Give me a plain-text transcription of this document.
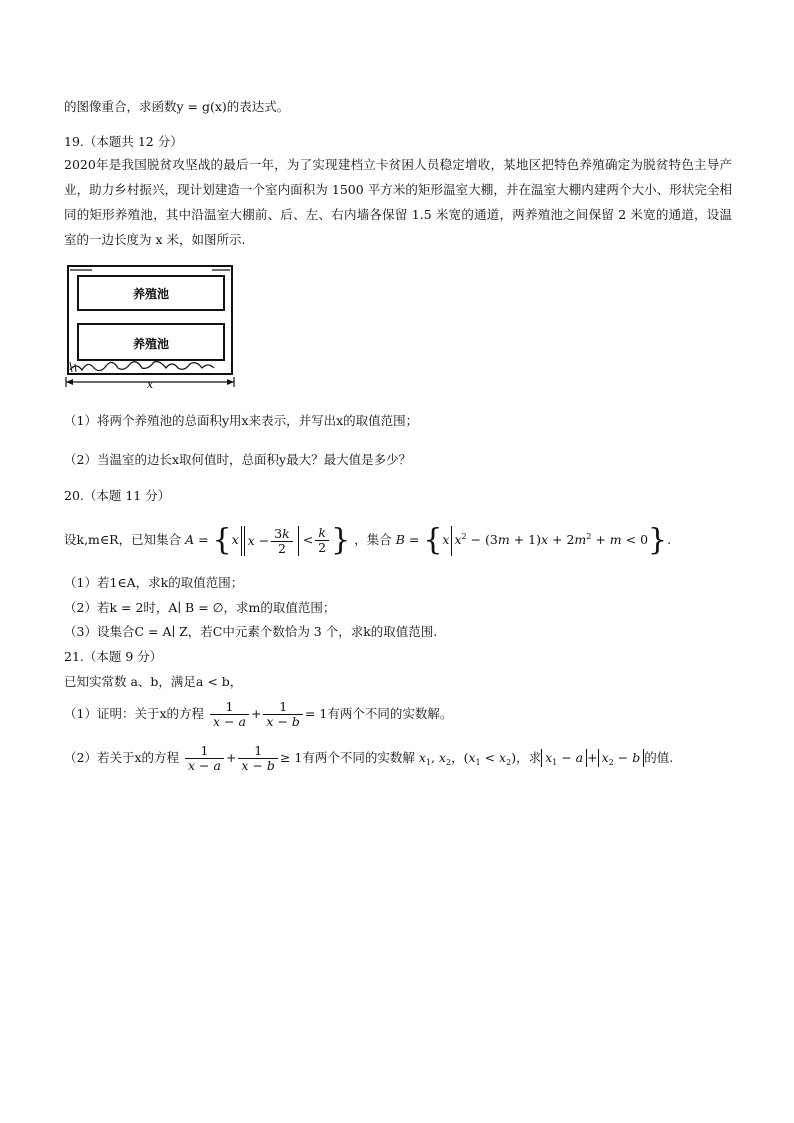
的图像重合，求函数y = g(x)的表达式。
19.（本题共 12 分）
2020年是我国脱贫攻坚战的最后一年，为了实现建档立卡贫困人员稳定增收，某地区把特色养殖确定为脱贫特色主导产业，助力乡村振兴，现计划建造一个室内面积为 1500 平方米的矩形温室大棚，并在温室大棚内建两个大小、形状完全相同的矩形养殖池，其中沿温室大棚前、后、左、右内墙各保留 1.5 米宽的通道，两养殖池之间保留 2 米宽的通道，设温室的一边长度为 x 米，如图所示.
养殖池
养殖池
x
（1）将两个养殖池的总面积y用x来表示，并写出x的取值范围；
（2）当温室的边长x取何值时，总面积y最大？最大值是多少？
20.（本题 11 分）
设k,m∈R，已知集合 A = {x $x - \frac{3k}{2} < \frac{k}{2}$ } ，集合 B = {x $x^2 - (3m + 1)x + 2m^2 + m < 0$}.
（1）若1∈A，求k的取值范围；
（2）若k = 2时，A∣ B = ∅，求m的取值范围；
（3）设集合C = A∣ Z，若C中元素个数恰为 3 个，求k的取值范围.
21.（本题 9 分）
已知实常数 a、b，满足a < b，
（1）证明：关于x的方程 $\frac{1}{x - a} + \frac{1}{x - b} = 1$有两个不同的实数解。
（2）若关于x的方程 $\frac{1}{x - a} + \frac{1}{x - b} \ge 1$有两个不同的实数解 $x_1$, $x_2$，$(x_1 < x_2)$，求 $x_1 - a + x_2 - b$ 的值.
